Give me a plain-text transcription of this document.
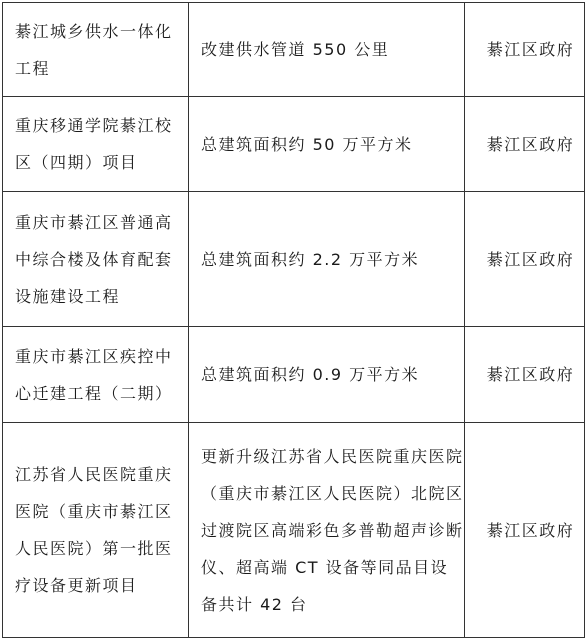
綦江城乡供水一体化工程	改建供水管道 550 公里	綦江区政府
重庆移通学院綦江校区（四期）项目	总建筑面积约 50 万平方米	綦江区政府
重庆市綦江区普通高中综合楼及体育配套设施建设工程	总建筑面积约 2.2 万平方米	綦江区政府
重庆市綦江区疾控中心迁建工程（二期）	总建筑面积约 0.9 万平方米	綦江区政府
江苏省人民医院重庆医院（重庆市綦江区人民医院）第一批医疗设备更新项目	更新升级江苏省人民医院重庆医院（重庆市綦江区人民医院）北院区过渡院区高端彩色多普勒超声诊断仪、超高端 CT 设备等同品目设备共计 42 台	綦江区政府
